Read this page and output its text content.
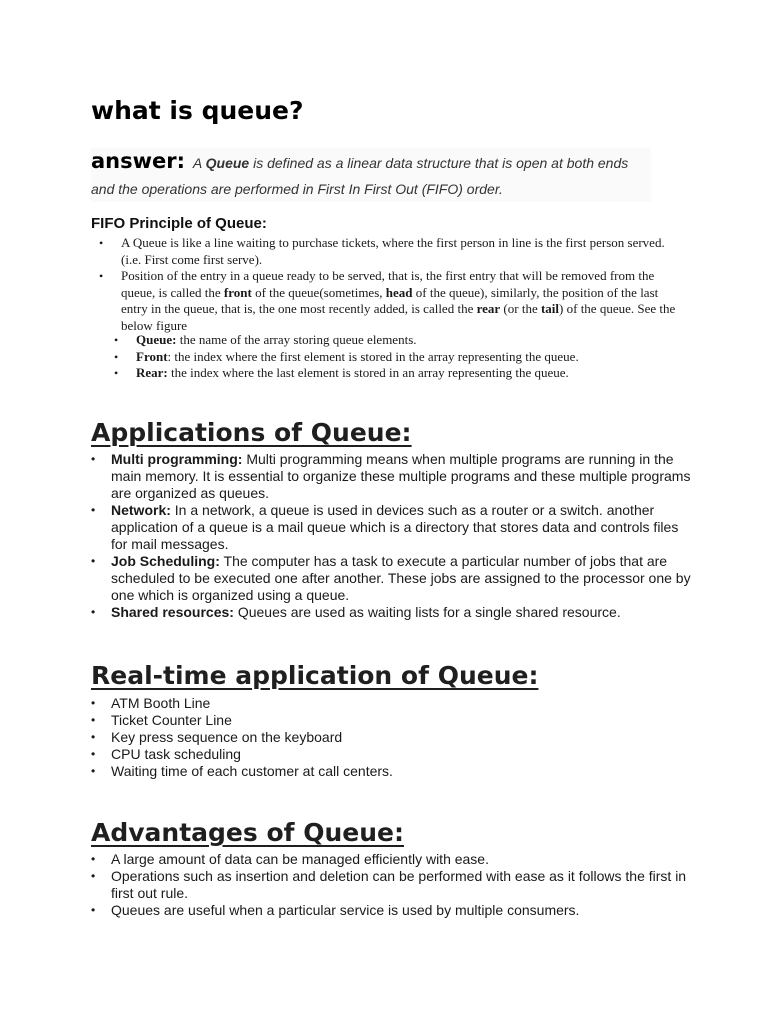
what is queue?
answer: A Queue is defined as a linear data structure that is open at both ends and the operations are performed in First In First Out (FIFO) order.
FIFO Principle of Queue:
• A Queue is like a line waiting to purchase tickets, where the first person in line is the first person served. (i.e. First come first serve).
• Position of the entry in a queue ready to be served, that is, the first entry that will be removed from the queue, is called the front of the queue(sometimes, head of the queue), similarly, the position of the last entry in the queue, that is, the one most recently added, is called the rear (or the tail) of the queue. See the below figure
• Queue: the name of the array storing queue elements.
• Front: the index where the first element is stored in the array representing the queue.
• Rear: the index where the last element is stored in an array representing the queue.
Applications of Queue:
• Multi programming: Multi programming means when multiple programs are running in the main memory. It is essential to organize these multiple programs and these multiple programs are organized as queues.
• Network: In a network, a queue is used in devices such as a router or a switch. another application of a queue is a mail queue which is a directory that stores data and controls files for mail messages.
• Job Scheduling: The computer has a task to execute a particular number of jobs that are scheduled to be executed one after another. These jobs are assigned to the processor one by one which is organized using a queue.
• Shared resources: Queues are used as waiting lists for a single shared resource.
Real-time application of Queue:
• ATM Booth Line
• Ticket Counter Line
• Key press sequence on the keyboard
• CPU task scheduling
• Waiting time of each customer at call centers.
Advantages of Queue:
• A large amount of data can be managed efficiently with ease.
• Operations such as insertion and deletion can be performed with ease as it follows the first in first out rule.
• Queues are useful when a particular service is used by multiple consumers.
